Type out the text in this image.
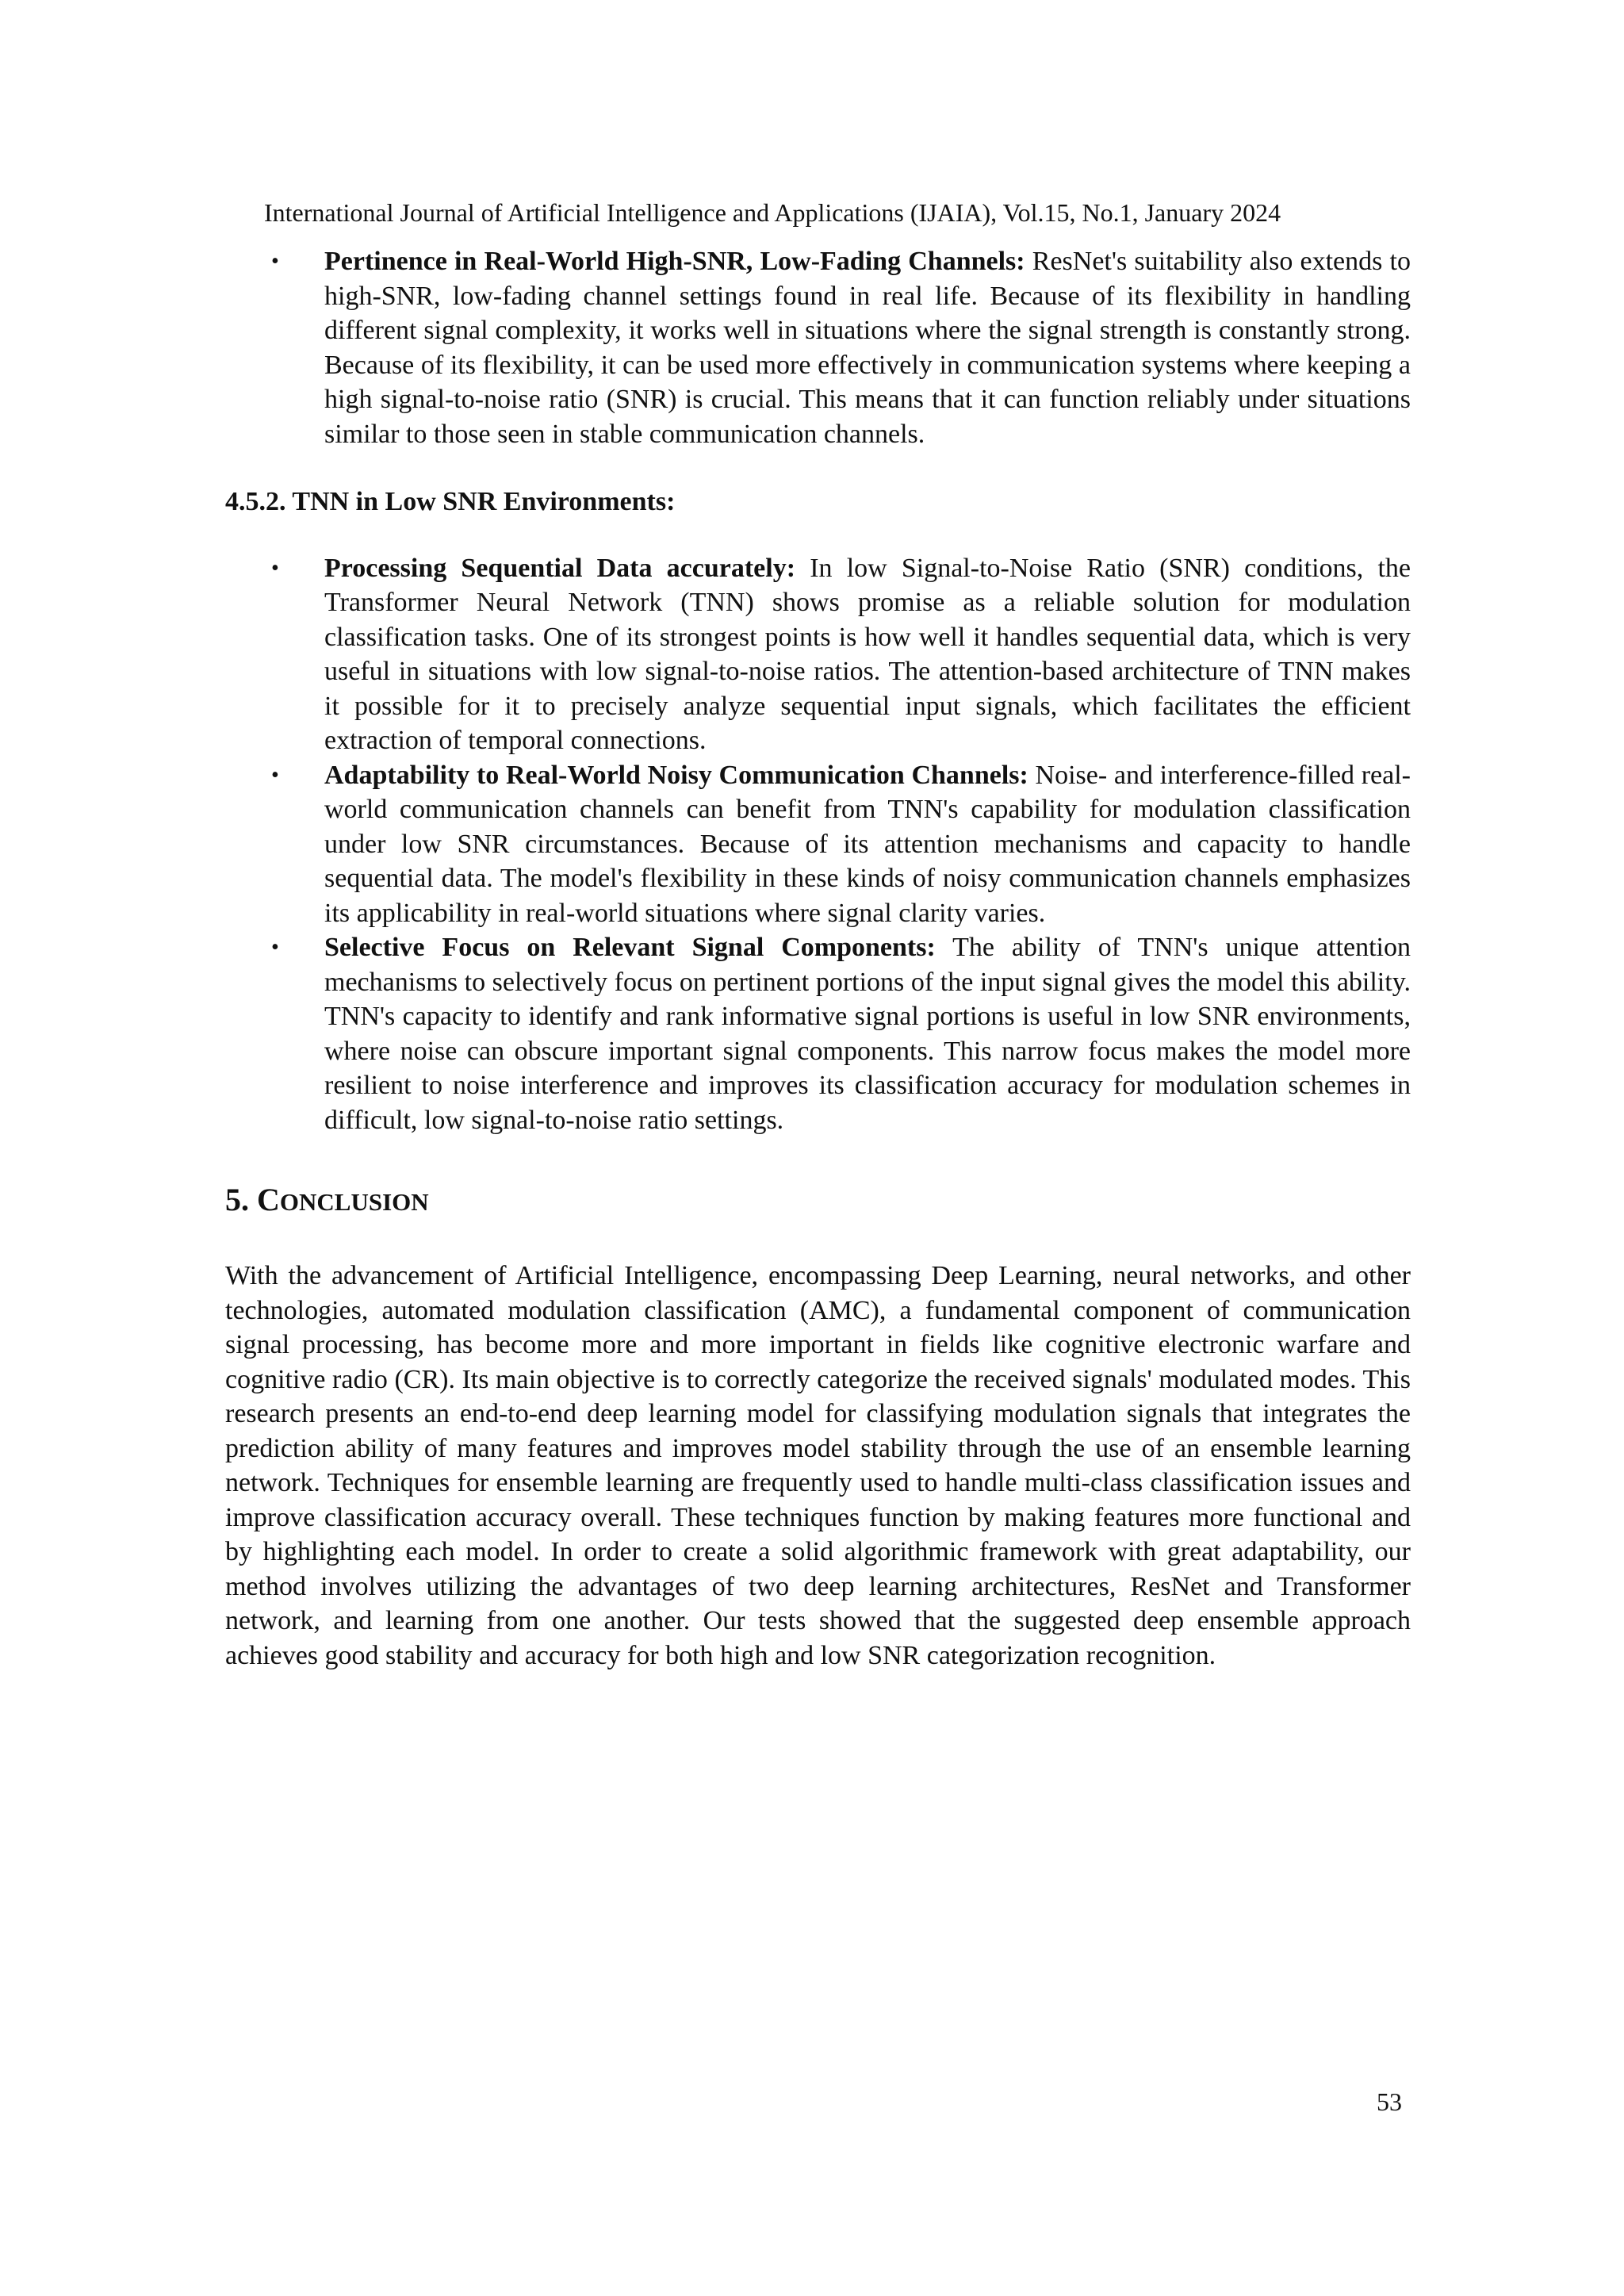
International Journal of Artificial Intelligence and Applications (IJAIA), Vol.15, No.1, January 2024
• Pertinence in Real-World High-SNR, Low-Fading Channels: ResNet's suitability also extends to high-SNR, low-fading channel settings found in real life. Because of its flexibility in handling different signal complexity, it works well in situations where the signal strength is constantly strong. Because of its flexibility, it can be used more effectively in communication systems where keeping a high signal-to-noise ratio (SNR) is crucial. This means that it can function reliably under situations similar to those seen in stable communication channels.
4.5.2. TNN in Low SNR Environments:
• Processing Sequential Data accurately: In low Signal-to-Noise Ratio (SNR) conditions, the Transformer Neural Network (TNN) shows promise as a reliable solution for modulation classification tasks. One of its strongest points is how well it handles sequential data, which is very useful in situations with low signal-to-noise ratios. The attention-based architecture of TNN makes it possible for it to precisely analyze sequential input signals, which facilitates the efficient extraction of temporal connections.
• Adaptability to Real-World Noisy Communication Channels: Noise- and interference-filled real-world communication channels can benefit from TNN's capability for modulation classification under low SNR circumstances. Because of its attention mechanisms and capacity to handle sequential data. The model's flexibility in these kinds of noisy communication channels emphasizes its applicability in real-world situations where signal clarity varies.
• Selective Focus on Relevant Signal Components: The ability of TNN's unique attention mechanisms to selectively focus on pertinent portions of the input signal gives the model this ability. TNN's capacity to identify and rank informative signal portions is useful in low SNR environments, where noise can obscure important signal components. This narrow focus makes the model more resilient to noise interference and improves its classification accuracy for modulation schemes in difficult, low signal-to-noise ratio settings.
5. CONCLUSION

With the advancement of Artificial Intelligence, encompassing Deep Learning, neural networks, and other technologies, automated modulation classification (AMC), a fundamental component of communication signal processing, has become more and more important in fields like cognitive electronic warfare and cognitive radio (CR). Its main objective is to correctly categorize the received signals' modulated modes. This research presents an end-to-end deep learning model for classifying modulation signals that integrates the prediction ability of many features and improves model stability through the use of an ensemble learning network. Techniques for ensemble learning are frequently used to handle multi-class classification issues and improve classification accuracy overall. These techniques function by making features more functional and by highlighting each model. In order to create a solid algorithmic framework with great adaptability, our method involves utilizing the advantages of two deep learning architectures, ResNet and Transformer network, and learning from one another. Our tests showed that the suggested deep ensemble approach achieves good stability and accuracy for both high and low SNR categorization recognition.

53
